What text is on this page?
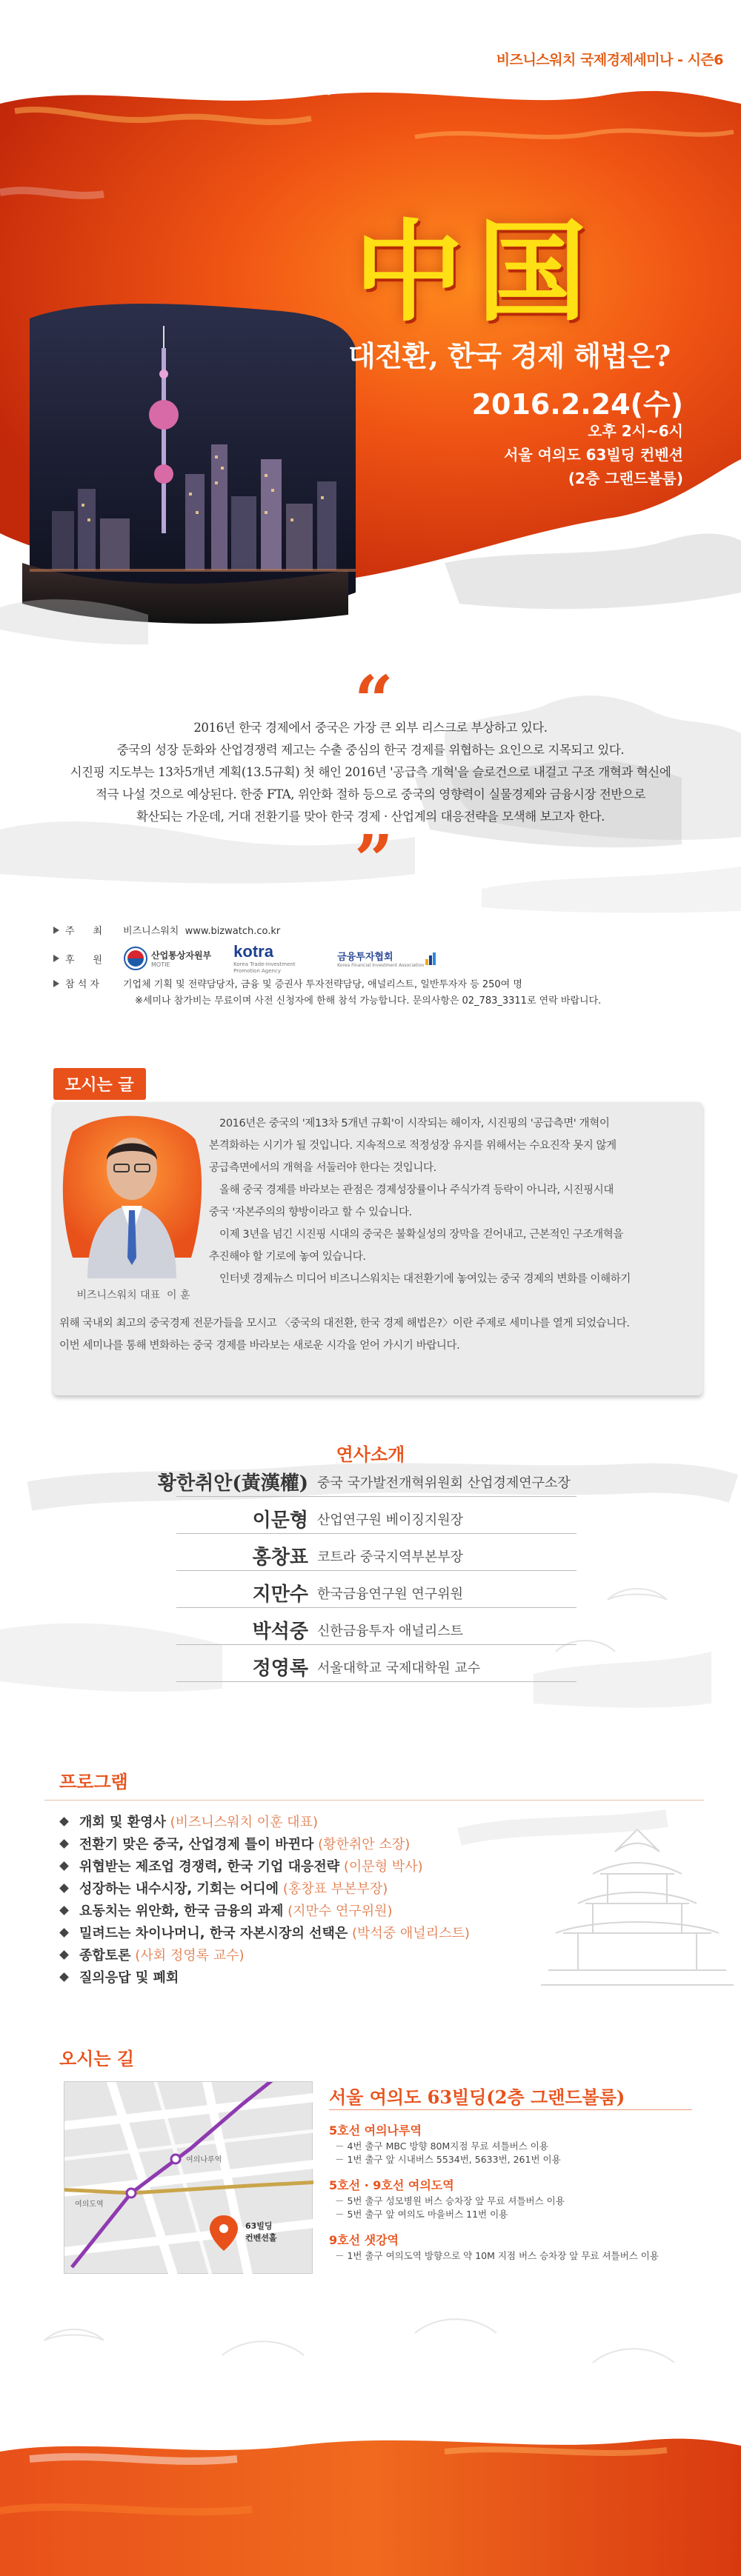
비즈니스워치 국제경제세미나 - 시즌6
中国
대전환, 한국 경제 해법은?
2016.2.24(수)
오후 2시~6시
서울 여의도 63빌딩 컨벤션
(2층 그랜드볼룸)
“
2016년 한국 경제에서 중국은 가장 큰 외부 리스크로 부상하고 있다.
중국의 성장 둔화와 산업경쟁력 제고는 수출 중심의 한국 경제를 위협하는 요인으로 지목되고 있다.
시진핑 지도부는 13차5개년 계획(13.5규획) 첫 해인 2016년 '공급측 개혁'을 슬로건으로 내걸고 구조 개혁과 혁신에
적극 나설 것으로 예상된다. 한중 FTA, 위안화 절하 등으로 중국의 영향력이 실물경제와 금융시장 전반으로
확산되는 가운데, 거대 전환기를 맞아 한국 경제 · 산업계의 대응전략을 모색해 보고자 한다.
”
주      최 비즈니스워치  www.bizwatch.co.kr
후      원	산업통상자원부
MOTIE
kotra
Korea Trade-Investment Promotion Agency
금융투자협회
Korea Financial Investment Association
참 석 자 기업체 기획 및 전략담당자, 금융 및 증권사 투자전략담당, 애널리스트, 일반투자자 등 250여 명
※세미나 참가비는 무료이며 사전 신청자에 한해 참석 가능합니다. 문의사항은 02_783_3311로 연락 바랍니다.
모시는 글
비즈니스워치 대표  이 훈
2016년은 중국의 '제13차 5개년 규획'이 시작되는 해이자, 시진핑의 '공급측면' 개혁이
본격화하는 시기가 될 것입니다. 지속적으로 적정성장 유지를 위해서는 수요진작 못지 않게
공급측면에서의 개혁을 서둘러야 한다는 것입니다.
올해 중국 경제를 바라보는 관점은 경제성장률이나 주식가격 등락이 아니라, 시진핑시대
중국 '자본주의의 향방이라고 할 수 있습니다.
이제 3년을 넘긴 시진핑 시대의 중국은 불확실성의 장막을 걷어내고, 근본적인 구조개혁을
추진해야 할 기로에 놓여 있습니다.
인터넷 경제뉴스 미디어 비즈니스워치는 대전환기에 놓여있는 중국 경제의 변화를 이해하기
위해 국내외 최고의 중국경제 전문가들을 모시고 〈중국의 대전환, 한국 경제 해법은?〉이란 주제로 세미나를 열게 되었습니다.
이번 세미나를 통해 변화하는 중국 경제를 바라보는 새로운 시각을 얻어 가시기 바랍니다.
연사소개
황한취안(黃漢權) 중국 국가발전개혁위원회 산업경제연구소장
이문형 산업연구원 베이징지원장
홍창표 코트라 중국지역부본부장
지만수 한국금융연구원 연구위원
박석중 신한금융투자 애널리스트
정영록 서울대학교 국제대학원 교수
프로그램
개회 및 환영사 (비즈니스워치 이훈 대표)
전환기 맞은 중국, 산업경제 틀이 바뀐다 (황한취안 소장)
위협받는 제조업 경쟁력, 한국 기업 대응전략 (이문형 박사)
성장하는 내수시장, 기회는 어디에 (홍창표 부본부장)
요동치는 위안화, 한국 금융의 과제 (지만수 연구위원)
밀려드는 차이나머니, 한국 자본시장의 선택은 (박석중 애널리스트)
종합토론 (사회 정영록 교수)
질의응답 및 폐회
오시는 길
여의나루역
여의도역
63빌딩
컨벤션홀
서울 여의도 63빌딩(2층 그랜드볼룸)
5호선 여의나루역
－ 4번 출구 MBC 방향 80M지점 무료 셔틀버스 이용
－ 1번 출구 앞 시내버스 5534번, 5633번, 261번 이용
5호선 · 9호선 여의도역
－ 5번 출구 성모병원 버스 승차장 앞 무료 셔틀버스 이용
－ 5번 출구 앞 여의도 마을버스 11번 이용
9호선 샛강역
－ 1번 출구 여의도역 방향으로 약 10M 지점 버스 승차장 앞 무료 셔틀버스 이용
